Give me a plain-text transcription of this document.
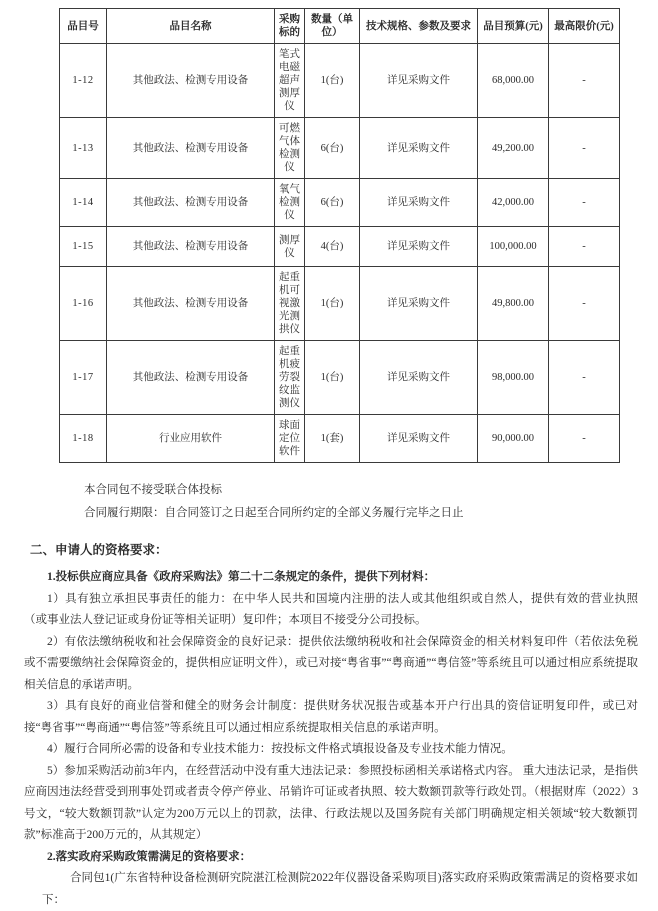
品目号	品目名称	采购标的	数量（单位）	技术规格、参数及要求	品目预算(元)	最高限价(元)
1-12	其他政法、检测专用设备	笔式电磁超声测厚仪	1(台)	详见采购文件	68,000.00	-
1-13	其他政法、检测专用设备	可燃气体检测仪	6(台)	详见采购文件	49,200.00	-
1-14	其他政法、检测专用设备	氧气检测仪	6(台)	详见采购文件	42,000.00	-
1-15	其他政法、检测专用设备	测厚仪	4(台)	详见采购文件	100,000.00	-
1-16	其他政法、检测专用设备	起重机可视激光测拱仪	1(台)	详见采购文件	49,800.00	-
1-17	其他政法、检测专用设备	起重机疲劳裂纹监测仪	1(台)	详见采购文件	98,000.00	-
1-18	行业应用软件	球面定位软件	1(套)	详见采购文件	90,000.00	-

本合同包不接受联合体投标

合同履行期限：自合同签订之日起至合同所约定的全部义务履行完毕之日止

二、申请人的资格要求：

1.投标供应商应具备《政府采购法》第二十二条规定的条件，提供下列材料：

1）具有独立承担民事责任的能力：在中华人民共和国境内注册的法人或其他组织或自然人，提供有效的营业执照（或事业法人登记证或身份证等相关证明）复印件；本项目不接受分公司投标。

2）有依法缴纳税收和社会保障资金的良好记录：提供依法缴纳税收和社会保障资金的相关材料复印件（若依法免税或不需要缴纳社会保障资金的，提供相应证明文件），或已对接“粤省事”“粤商通”“粤信签”等系统且可以通过相应系统提取相关信息的承诺声明。

3）具有良好的商业信誉和健全的财务会计制度：提供财务状况报告或基本开户行出具的资信证明复印件，或已对接“粤省事”“粤商通”“粤信签”等系统且可以通过相应系统提取相关信息的承诺声明。

4）履行合同所必需的设备和专业技术能力：按投标文件格式填报设备及专业技术能力情况。

5）参加采购活动前3年内，在经营活动中没有重大违法记录：参照投标函相关承诺格式内容。 重大违法记录，是指供应商因违法经营受到刑事处罚或者责令停产停业、吊销许可证或者执照、较大数额罚款等行政处罚。（根据财库（2022）3号文，“较大数额罚款”认定为200万元以上的罚款，法律、行政法规以及国务院有关部门明确规定相关领域“较大数额罚款”标准高于200万元的，从其规定）

2.落实政府采购政策需满足的资格要求：

合同包1(广东省特种设备检测研究院湛江检测院2022年仪器设备采购项目)落实政府采购政策需满足的资格要求如下：
